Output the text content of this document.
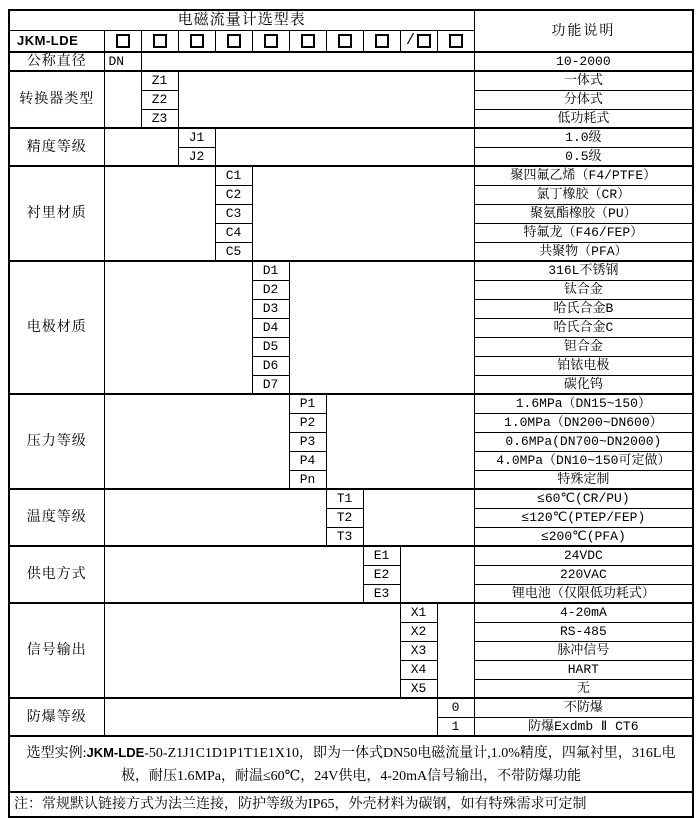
电磁流量计选型表											功能说明
JKM-LDE									/		
公称直径	DN										10-2000
转换器类型		Z1									一体式
		Z2									分体式
		Z3									低功耗式
精度等级			J1								1.0级
			J2								0.5级
衬里材质				C1							聚四氟乙烯（F4/PTFE）
				C2							氯丁橡胶（CR）
				C3							聚氨酯橡胶（PU）
				C4							特氟龙（F46/FEP）
				C5							共聚物（PFA）
电极材质					D1						316L不锈钢
					D2						钛合金
					D3						哈氏合金B
					D4						哈氏合金C
					D5						钽合金
					D6						铂铱电极
					D7						碳化钨
压力等级						P1					1.6MPa（DN15~150）
						P2					1.0MPa（DN200~DN600）
						P3					0.6MPa(DN700~DN2000)
						P4					4.0MPa（DN10~150可定做）
						Pn					特殊定制
温度等级							T1				≤60℃(CR/PU)
							T2				≤120℃(PTEP/FEP)
							T3				≤200℃(PFA)
供电方式								E1			24VDC
								E2			220VAC
								E3			锂电池（仅限低功耗式）
信号输出									X1		4-20mA
									X2		RS-485
									X3		脉冲信号
									X4		HART
									X5		无
防爆等级										0	不防爆
										1	防爆Exdmb Ⅱ CT6
选型实例:JKM-LDE-50-Z1J1C1D1P1T1E1X10，即为一体式DN50电磁流量计,1.0%精度，四氟衬里，316L电极，耐压1.6MPa，耐温≤60℃，24V供电，4-20mA信号输出，不带防爆功能											
注：常规默认链接方式为法兰连接，防护等级为IP65，外壳材料为碳钢，如有特殊需求可定制											
